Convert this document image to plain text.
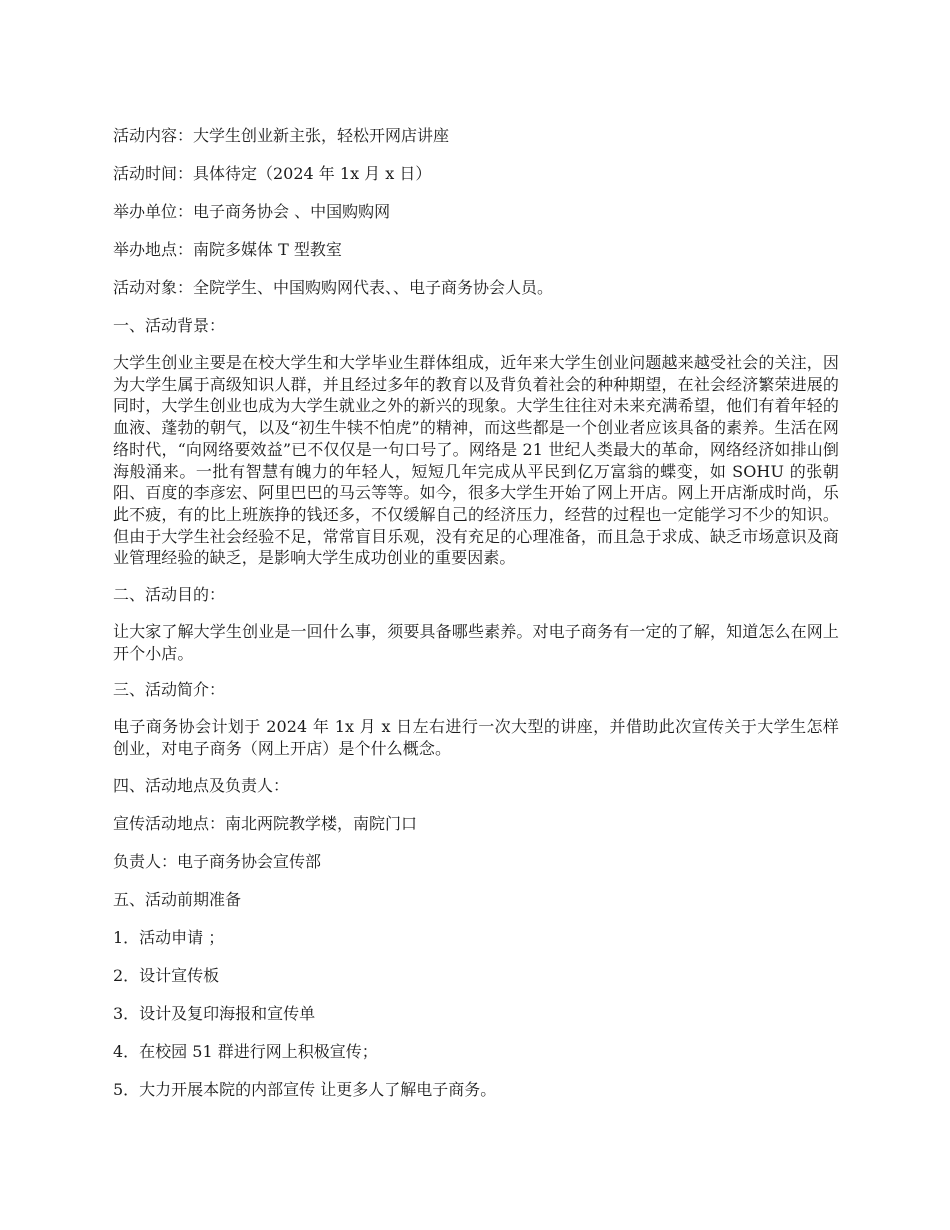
活动内容：大学生创业新主张，轻松开网店讲座

活动时间：具体待定（2024 年 1x 月 x 日）

举办单位：电子商务协会 、中国购购网

举办地点：南院多媒体 T 型教室

活动对象：全院学生、中国购购网代表、、电子商务协会人员。

一、活动背景：

大学生创业主要是在校大学生和大学毕业生群体组成，近年来大学生创业问题越来越受社会的关注，因为大学生属于高级知识人群，并且经过多年的教育以及背负着社会的种种期望，在社会经济繁荣进展的同时，大学生创业也成为大学生就业之外的新兴的现象。大学生往往对未来充满希望，他们有着年轻的血液、蓬勃的朝气，以及“初生牛犊不怕虎”的精神，而这些都是一个创业者应该具备的素养。生活在网络时代，“向网络要效益”已不仅仅是一句口号了。网络是 21 世纪人类最大的革命，网络经济如排山倒海般涌来。一批有智慧有魄力的年轻人，短短几年完成从平民到亿万富翁的蝶变，如 SOHU 的张朝阳、百度的李彦宏、阿里巴巴的马云等等。如今，很多大学生开始了网上开店。网上开店渐成时尚，乐此不疲，有的比上班族挣的钱还多，不仅缓解自己的经济压力，经营的过程也一定能学习不少的知识。但由于大学生社会经验不足，常常盲目乐观，没有充足的心理准备，而且急于求成、缺乏市场意识及商业管理经验的缺乏，是影响大学生成功创业的重要因素。

二、活动目的：

让大家了解大学生创业是一回什么事，须要具备哪些素养。对电子商务有一定的了解，知道怎么在网上开个小店。

三、活动简介：

电子商务协会计划于 2024 年 1x 月 x 日左右进行一次大型的讲座，并借助此次宣传关于大学生怎样创业，对电子商务（网上开店）是个什么概念。

四、活动地点及负责人：

宣传活动地点：南北两院教学楼，南院门口

负责人：电子商务协会宣传部

五、活动前期准备

1．活动申请 ；

2．设计宣传板

3．设计及复印海报和宣传单

4．在校园 51 群进行网上积极宣传；

5．大力开展本院的内部宣传 让更多人了解电子商务。
